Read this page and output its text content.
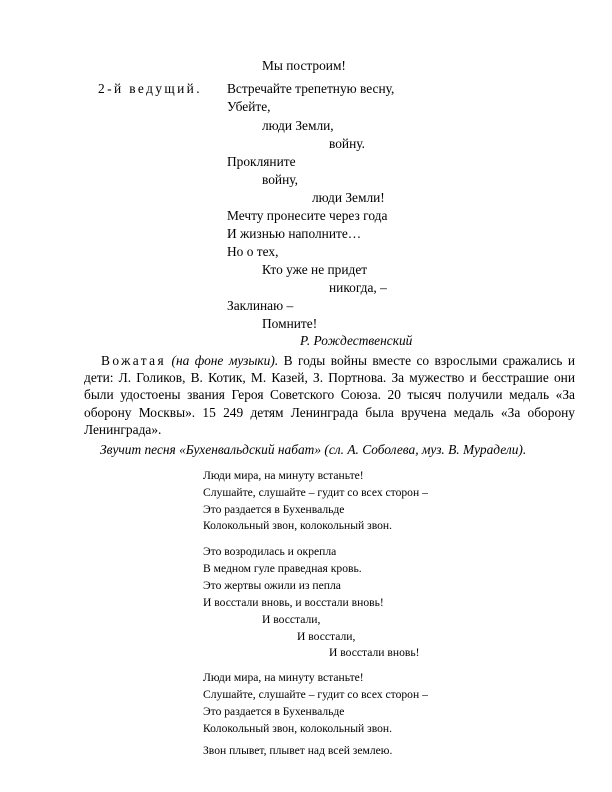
Мы построим!
2-й ведущий. Встречайте трепетную весну,
Убейте,
люди Земли,
войну.
Прокляните
войну,
люди Земли!
Мечту пронесите через года
И жизнью наполните…
Но о тех,
Кто уже не придет
никогда, –
Заклинаю –
Помните!
Р. Рождественский
Вожатая (на фоне музыки). В годы войны вместе со взрослыми сражались и дети: Л. Голиков, В. Котик, М. Казей, З. Портнова. За мужество и бесстрашие они были удостоены звания Героя Советского Союза. 20 тысяч получили медаль «За оборону Москвы». 15 249 детям Ленинграда была вручена медаль «За оборону Ленинграда».
Звучит песня «Бухенвальдский набат» (сл. А. Соболева, муз. В. Мурадели).
Люди мира, на минуту встаньте!
Слушайте, слушайте – гудит со всех сторон –
Это раздается в Бухенвальде
Колокольный звон, колокольный звон.
Это возродилась и окрепла
В медном гуле праведная кровь.
Это жертвы ожили из пепла
И восстали вновь, и восстали вновь!
И восстали,
И восстали,
И восстали вновь!
Люди мира, на минуту встаньте!
Слушайте, слушайте – гудит со всех сторон –
Это раздается в Бухенвальде
Колокольный звон, колокольный звон.
Звон плывет, плывет над всей землею.
